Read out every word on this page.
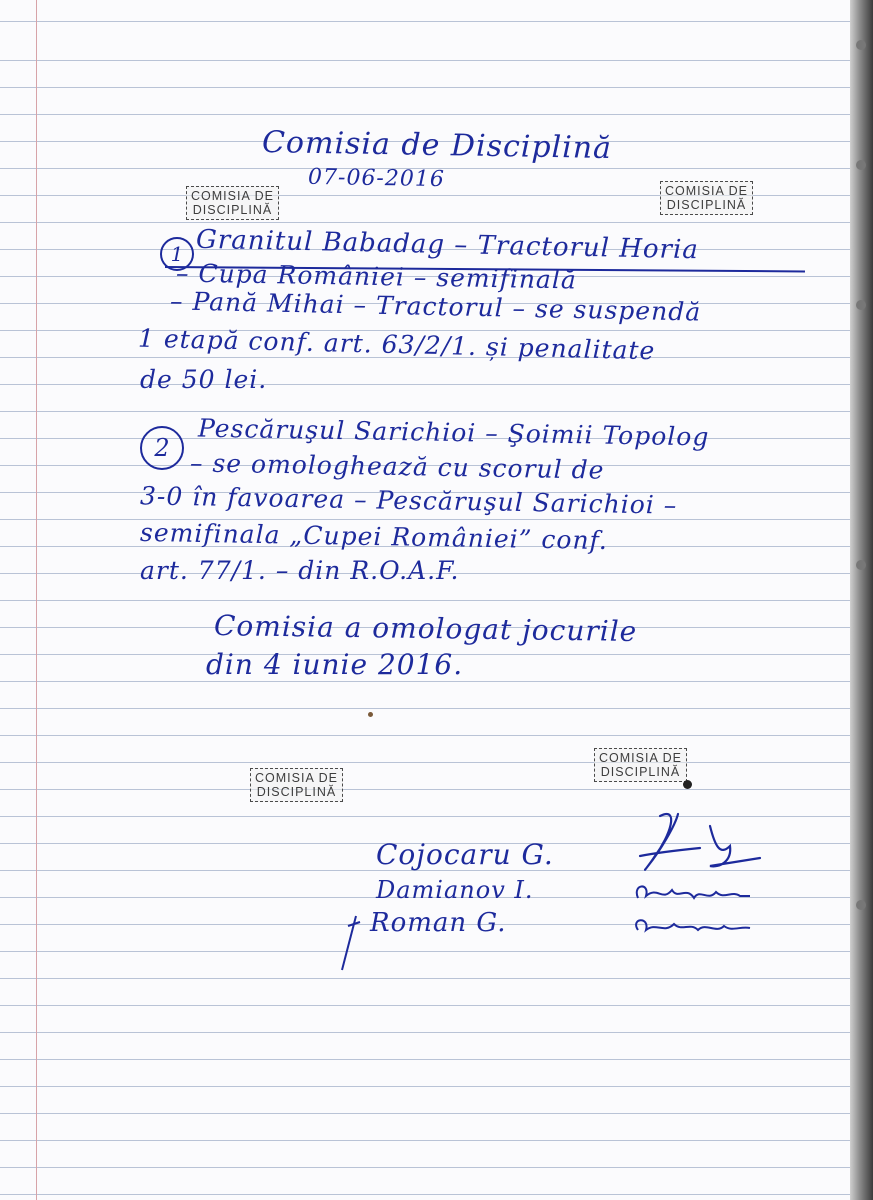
Comisia de Disciplină

07-06-2016

COMISIA DE
DISCIPLINĂ
COMISIA DE
DISCIPLINĂ
1 Granitul Babadag – Tractorul Horia

– Cupa României – semifinală

– Pană Mihai – Tractorul – se suspendă

1 etapă conf. art. 63/2/1. și penalitate

de 50 lei.

2	Pescăruşul Sarichioi – Şoimii Topolog

– se omologhează cu scorul de

3-0 în favoarea – Pescăruşul Sarichioi –

semifinala „Cupei României” conf.

art. 77/1. – din R.O.A.F.

Comisia a omologat jocurile

din 4 iunie 2016.

COMISIA DE
DISCIPLINĂ
COMISIA DE
DISCIPLINĂ

Cojocaru G.

Damianov I.

Roman G.
